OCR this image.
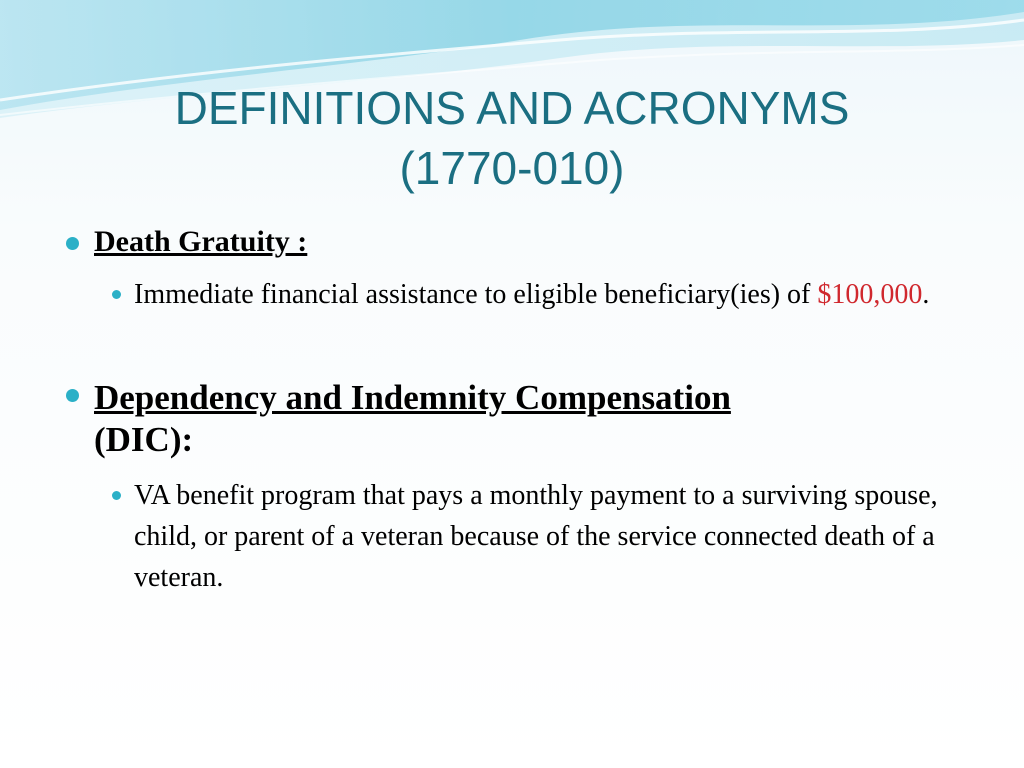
DEFINITIONS AND ACRONYMS
(1770-010)
Death Gratuity :
Immediate financial assistance to eligible beneficiary(ies) of $100,000.
Dependency and Indemnity Compensation
(DIC):
VA benefit program that pays a monthly payment to a surviving spouse, child, or parent of a veteran because of the service connected death of a veteran.
